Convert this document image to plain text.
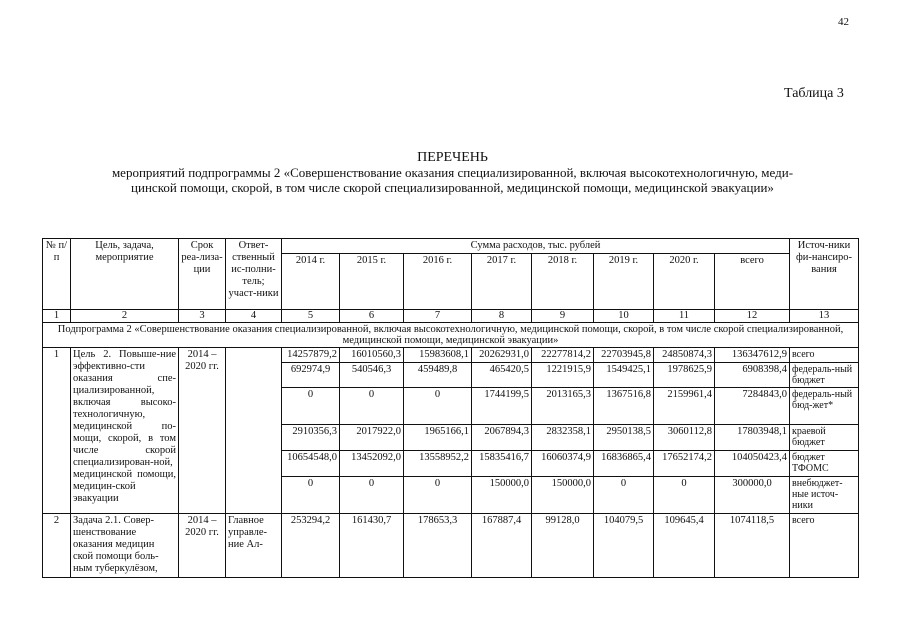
42
Таблица 3
ПЕРЕЧЕНЬ
мероприятий подпрограммы 2 «Совершенствование оказания специализированной, включая высокотехнологичную, меди-
цинской помощи, скорой, в том числе скорой специализированной, медицинской помощи, медицинской эвакуации»
№ п/п	Цель, задача, мероприятие	Срок реа-лиза-ции	Ответ-ственный ис-полни-тель; участ-ники	Сумма расходов, тыс. рублей								Источ-ники фи-нансиро-вания
				2014 г.	2015 г.	2016 г.	2017 г.	2018 г.	2019 г.	2020 г.	всего	
1	2	3	4	5	6	7	8	9	10	11	12	13
Подпрограмма 2 «Совершенствование оказания специализированной, включая высокотехнологичную, медицинской помощи, скорой, в том числе скорой специализированной, медицинской помощи, медицинской эвакуации»												
1	Цель 2. Повыше-ние эффективно-сти оказания спе-циализированной, включая высоко-технологичную, медицинской по-мощи, скорой, в том числе скорой специализирован-ной, медицинской помощи, медицин-ской эвакуации	2014 – 2020 гг.		14257879,2	16010560,3	15983608,1	20262931,0	22277814,2	22703945,8	24850874,3	136347612,9	всего
				692974,9	540546,3	459489,8	465420,5	1221915,9	1549425,1	1978625,9	6908398,4	федераль-ный бюджет
				0	0	0	1744199,5	2013165,3	1367516,8	2159961,4	7284843,0	федераль-ный бюд-жет*
				2910356,3	2017922,0	1965166,1	2067894,3	2832358,1	2950138,5	3060112,8	17803948,1	краевой бюджет
				10654548,0	13452092,0	13558952,2	15835416,7	16060374,9	16836865,4	17652174,2	104050423,4	бюджет ТФОМС
				0	0	0	150000,0	150000,0	0	0	300000,0	внебюджет-ные источ-ники
2	Задача 2.1. Совер-шенствование оказания медицин ской помощи боль-ным туберкулёзом,	2014 – 2020 гг.	Главное управле-ние Ал-	253294,2	161430,7	178653,3	167887,4	99128,0	104079,5	109645,4	1074118,5	всего
